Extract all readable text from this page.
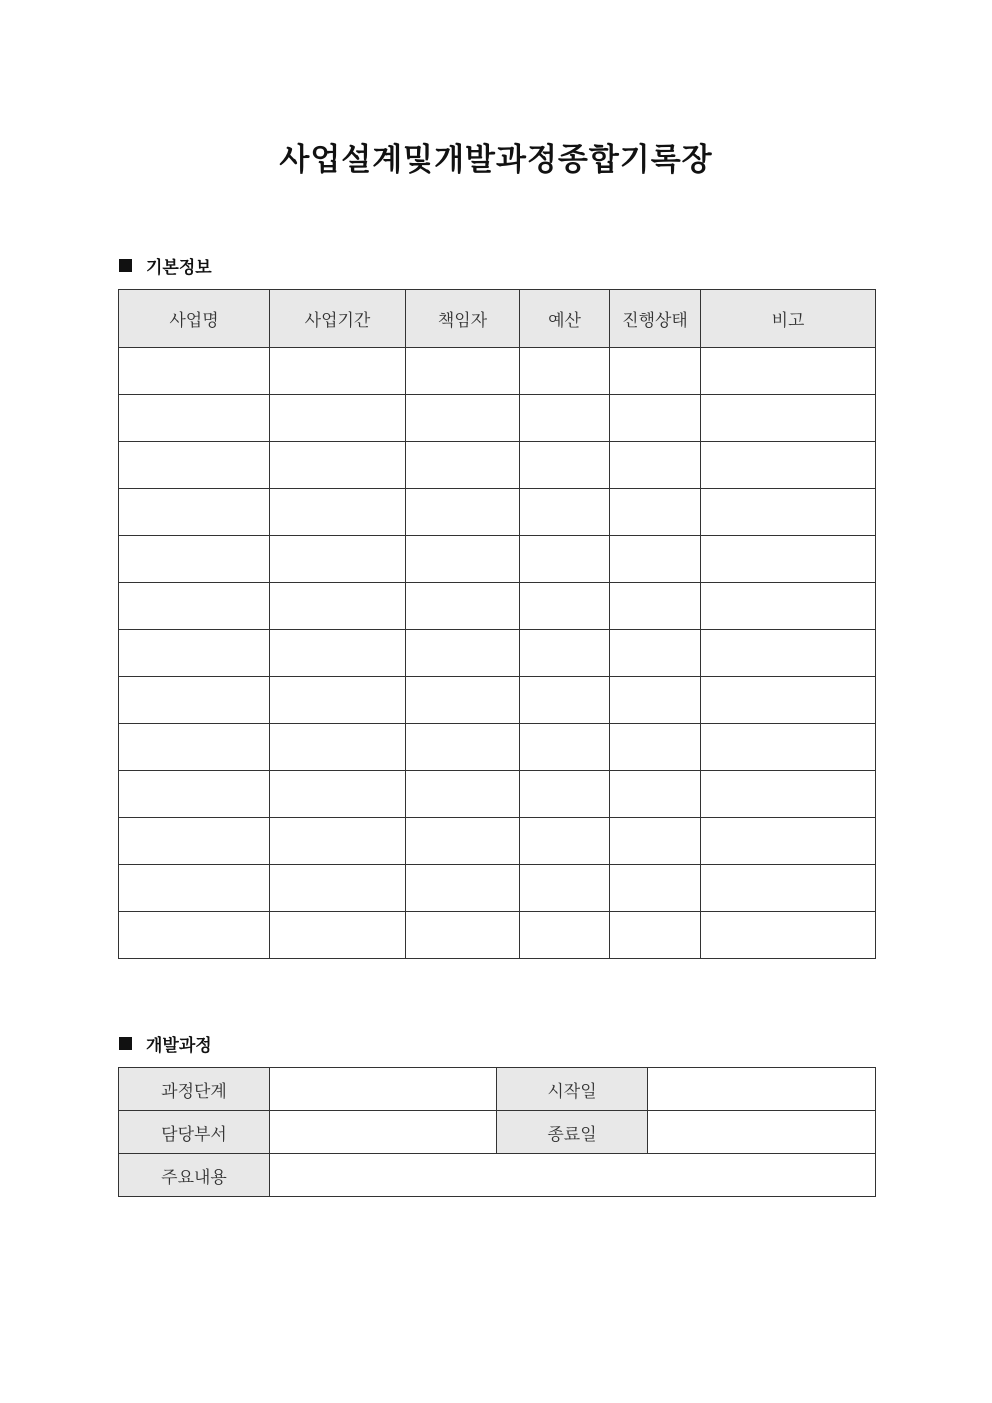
사업설계및개발과정종합기록장
기본정보
사업명	사업기간	책임자	예산	진행상태	비고

개발과정
과정단계		시작일	
담당부서		종료일	
주요내용			
